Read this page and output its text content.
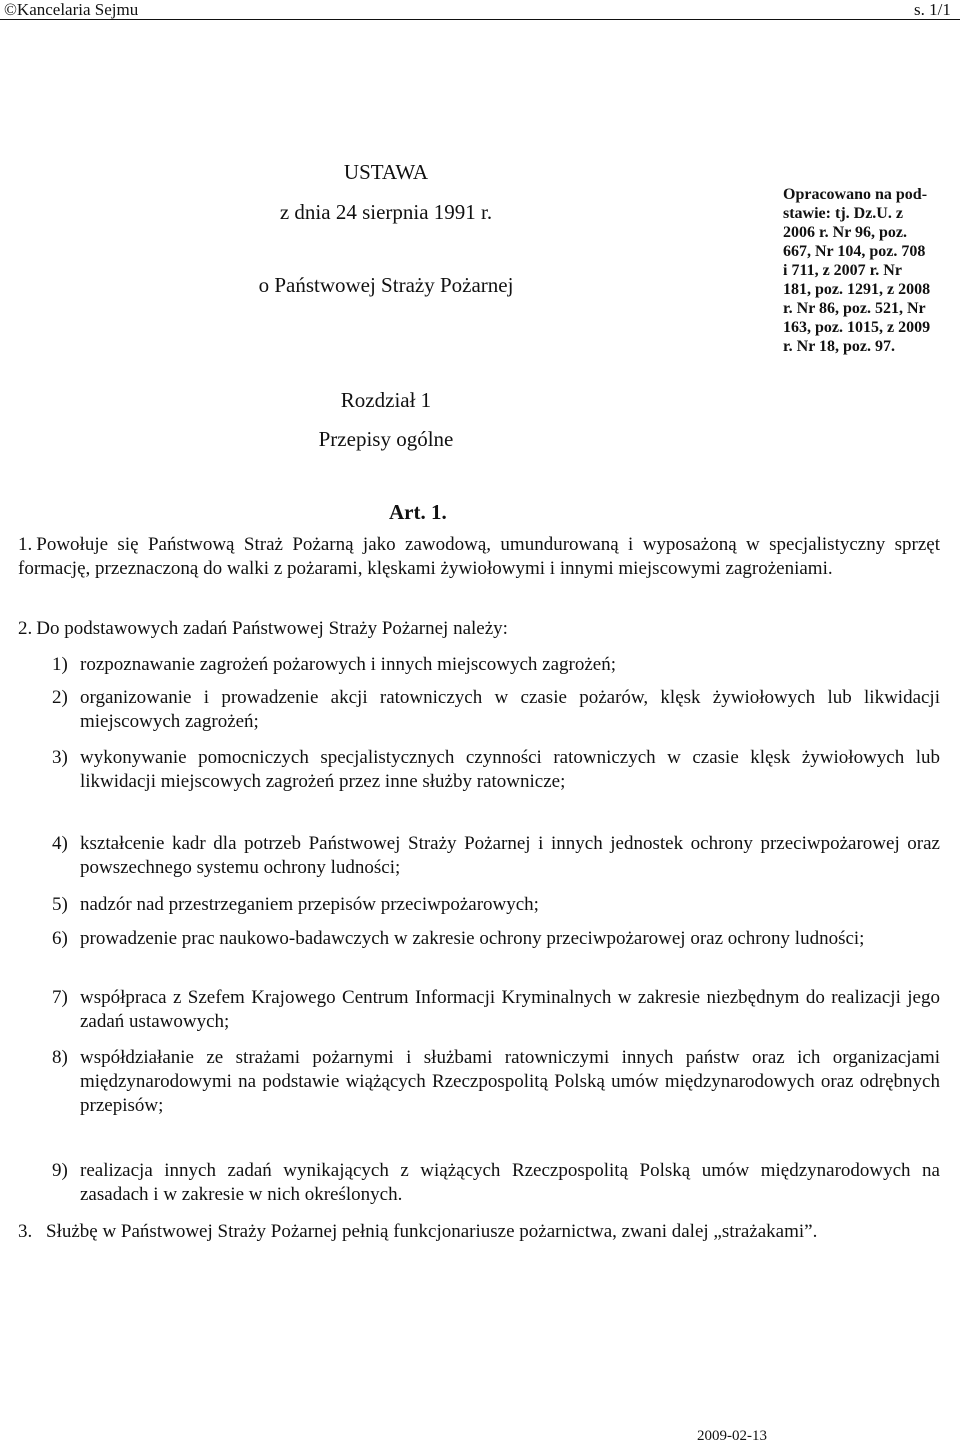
©Kancelaria Sejmu	s. 1/1
USTAWA
z dnia 24 sierpnia 1991 r.
o Państwowej Straży Pożarnej
Rozdział 1
Przepisy ogólne
Opracowano na pod-
stawie: tj. Dz.U. z
2006 r. Nr 96, poz.
667, Nr 104, poz. 708
i 711, z 2007 r. Nr
181, poz. 1291, z 2008
r. Nr 86, poz. 521, Nr
163, poz. 1015, z 2009
r. Nr 18, poz. 97.
Art. 1.
1. Powołuje się Państwową Straż Pożarną jako zawodową, umundurowaną i wyposażoną w specjalistyczny sprzęt formację, przeznaczoną do walki z pożarami, klęskami żywiołowymi i innymi miejscowymi zagrożeniami.
2. Do podstawowych zadań Państwowej Straży Pożarnej należy:
1) rozpoznawanie zagrożeń pożarowych i innych miejscowych zagrożeń;
2) organizowanie i prowadzenie akcji ratowniczych w czasie pożarów, klęsk żywiołowych lub likwidacji miejscowych zagrożeń;
3) wykonywanie pomocniczych specjalistycznych czynności ratowniczych w czasie klęsk żywiołowych lub likwidacji miejscowych zagrożeń przez inne służby ratownicze;
4) kształcenie kadr dla potrzeb Państwowej Straży Pożarnej i innych jednostek ochrony przeciwpożarowej oraz powszechnego systemu ochrony ludności;
5) nadzór nad przestrzeganiem przepisów przeciwpożarowych;
6) prowadzenie prac naukowo-badawczych w zakresie ochrony przeciwpożarowej oraz ochrony ludności;
7) współpraca z Szefem Krajowego Centrum Informacji Kryminalnych w zakresie niezbędnym do realizacji jego zadań ustawowych;
8) współdziałanie ze strażami pożarnymi i służbami ratowniczymi innych państw oraz ich organizacjami międzynarodowymi na podstawie wiążących Rzeczpospolitą Polską umów międzynarodowych oraz odrębnych przepisów;
9) realizacja innych zadań wynikających z wiążących Rzeczpospolitą Polską umów międzynarodowych na zasadach i w zakresie w nich określonych.
3. Służbę w Państwowej Straży Pożarnej pełnią funkcjonariusze pożarnictwa, zwani dalej „strażakami”.
2009-02-13
